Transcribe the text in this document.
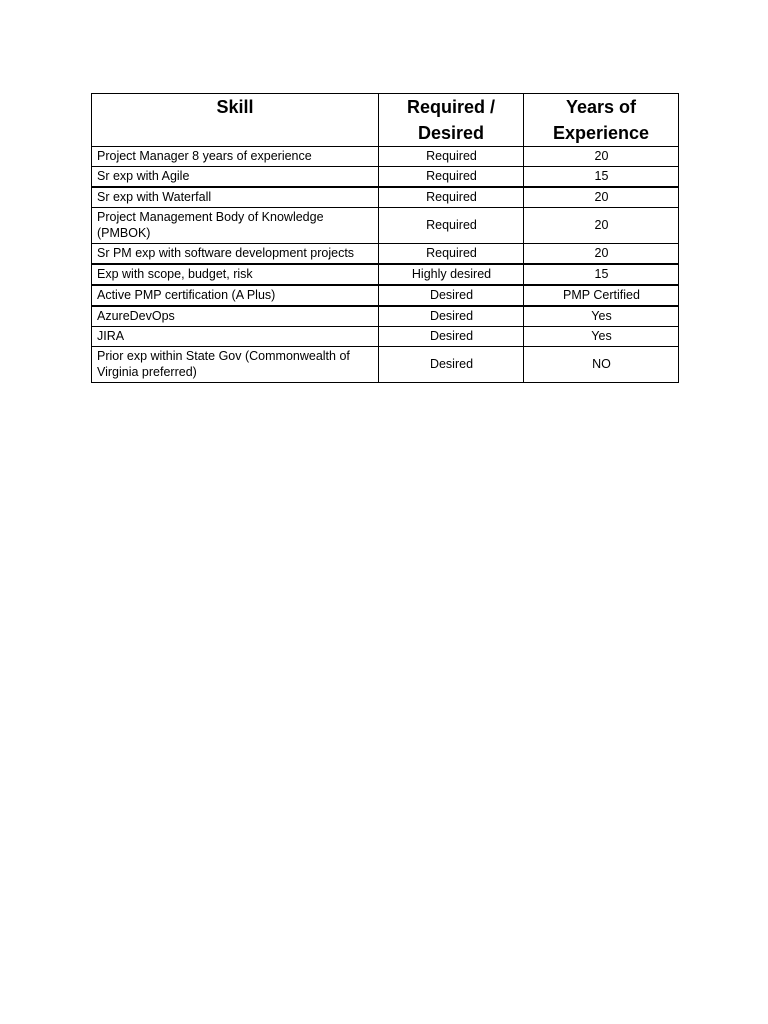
Skill	Required / Desired	Years of Experience
Project Manager 8 years of experience	Required	20
Sr exp with Agile	Required	15
Sr exp with Waterfall	Required	20
Project Management Body of Knowledge (PMBOK)	Required	20
Sr PM exp with software development projects	Required	20
Exp with scope, budget, risk	Highly desired	15
Active PMP certification (A Plus)	Desired	PMP Certified
AzureDevOps	Desired	Yes
JIRA	Desired	Yes
Prior exp within State Gov (Commonwealth of Virginia preferred)	Desired	NO
